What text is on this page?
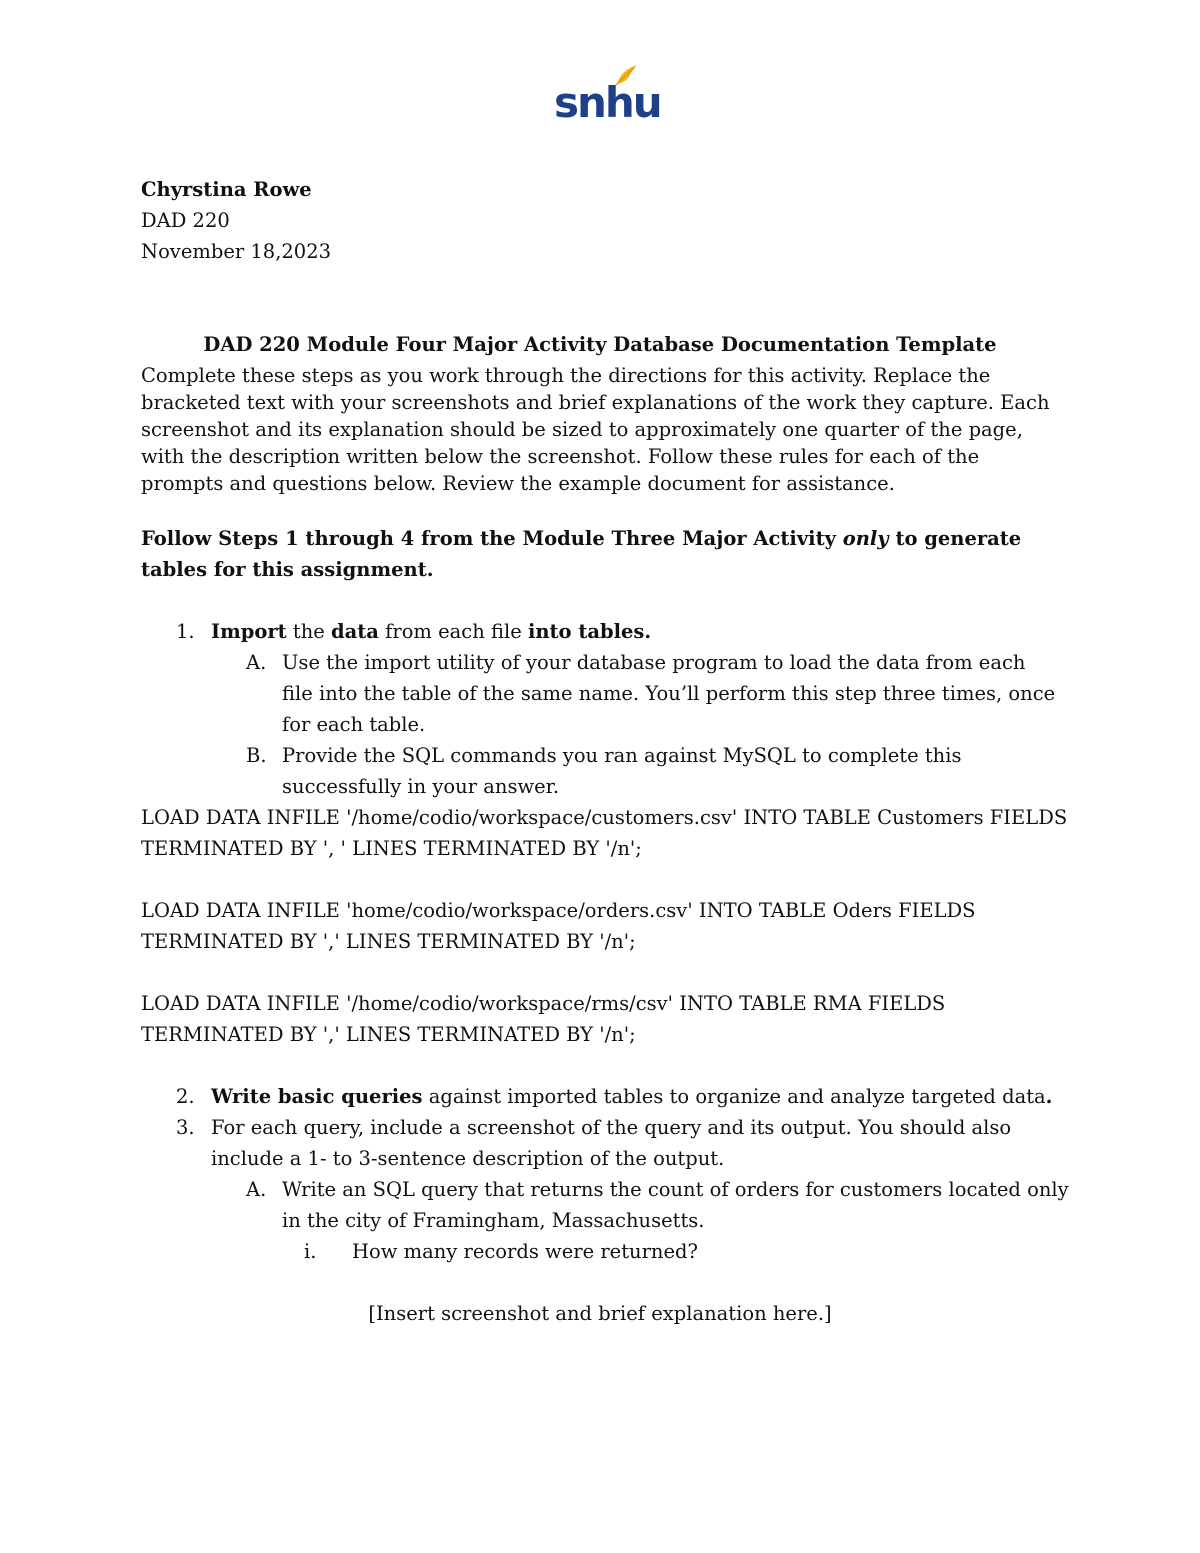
snhu
Chyrstina Rowe
DAD 220
November 18,2023
DAD 220 Module Four Major Activity Database Documentation Template
Complete these steps as you work through the directions for this activity. Replace the bracketed text with your screenshots and brief explanations of the work they capture. Each screenshot and its explanation should be sized to approximately one quarter of the page, with the description written below the screenshot. Follow these rules for each of the prompts and questions below. Review the example document for assistance.
Follow Steps 1 through 4 from the Module Three Major Activity only to generate tables for this assignment.
1. Import the data from each file into tables.
A. Use the import utility of your database program to load the data from each file into the table of the same name. You’ll perform this step three times, once for each table.
B. Provide the SQL commands you ran against MySQL to complete this successfully in your answer.
LOAD DATA INFILE '/home/codio/workspace/customers.csv' INTO TABLE Customers FIELDS TERMINATED BY ', ' LINES TERMINATED BY '/n';
LOAD DATA INFILE 'home/codio/workspace/orders.csv' INTO TABLE Oders FIELDS TERMINATED BY ',' LINES TERMINATED BY '/n';
LOAD DATA INFILE '/home/codio/workspace/rms/csv' INTO TABLE RMA FIELDS TERMINATED BY ',' LINES TERMINATED BY '/n';
2. Write basic queries against imported tables to organize and analyze targeted data.
3. For each query, include a screenshot of the query and its output. You should also include a 1- to 3-sentence description of the output.
A. Write an SQL query that returns the count of orders for customers located only in the city of Framingham, Massachusetts.
i. How many records were returned?
[Insert screenshot and brief explanation here.]
